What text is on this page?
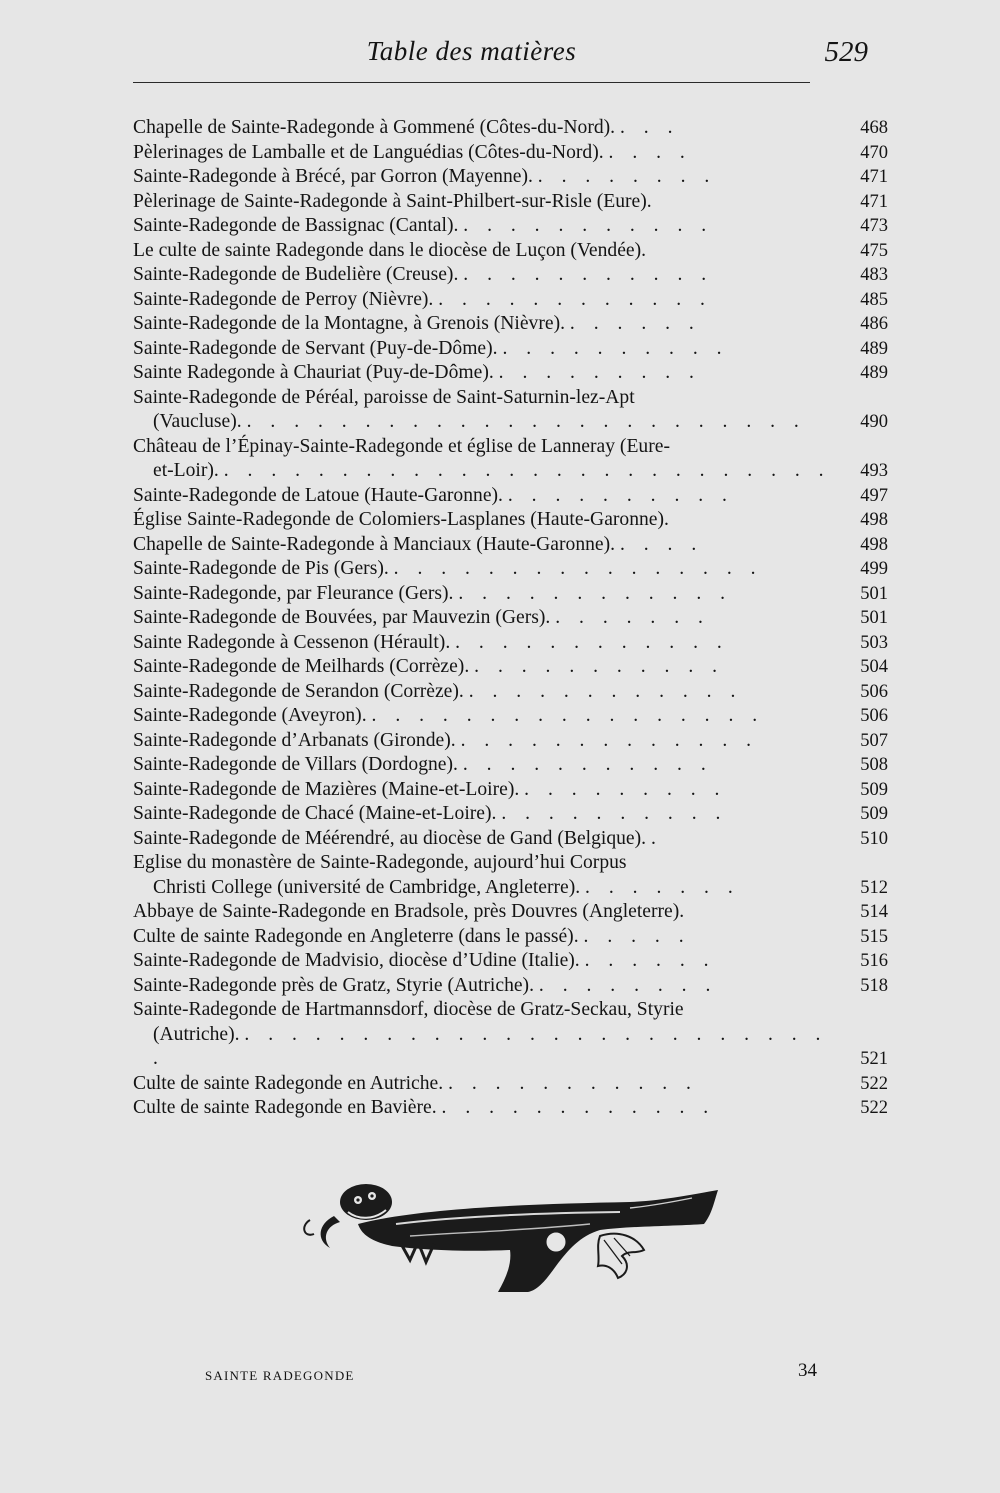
Table des matières	529
Chapelle de Sainte-Radegonde à Gommené (Côtes-du-Nord). . . .	468
Pèlerinages de Lamballe et de Languédias (Côtes-du-Nord). . . . .	470
Sainte-Radegonde à Brécé, par Gorron (Mayenne). . . . . . . . .	471
Pèlerinage de Sainte-Radegonde à Saint-Philbert-sur-Risle (Eure).	471
Sainte-Radegonde de Bassignac (Cantal). . . . . . . . . . . .	473
Le culte de sainte Radegonde dans le diocèse de Luçon (Vendée).	475
Sainte-Radegonde de Budelière (Creuse). . . . . . . . . . . .	483
Sainte-Radegonde de Perroy (Nièvre). . . . . . . . . . . . .	485
Sainte-Radegonde de la Montagne, à Grenois (Nièvre). . . . . . .	486
Sainte-Radegonde de Servant (Puy-de-Dôme). . . . . . . . . . .	489
Sainte Radegonde à Chauriat (Puy-de-Dôme). . . . . . . . . .	489
Sainte-Radegonde de Péréal, paroisse de Saint-Saturnin-lez-Apt
(Vaucluse). . . . . . . . . . . . . . . . . . . . . . . . .	490
Château de l’Épinay-Sainte-Radegonde et église de Lanneray (Eure-
et-Loir). . . . . . . . . . . . . . . . . . . . . . . . . . .	493
Sainte-Radegonde de Latoue (Haute-Garonne). . . . . . . . . . .	497
Église Sainte-Radegonde de Colomiers-Lasplanes (Haute-Garonne).	498
Chapelle de Sainte-Radegonde à Manciaux (Haute-Garonne). . . . .	498
Sainte-Radegonde de Pis (Gers). . . . . . . . . . . . . . . . .	499
Sainte-Radegonde, par Fleurance (Gers). . . . . . . . . . . . .	501
Sainte-Radegonde de Bouvées, par Mauvezin (Gers). . . . . . . .	501
Sainte Radegonde à Cessenon (Hérault). . . . . . . . . . . . .	503
Sainte-Radegonde de Meilhards (Corrèze). . . . . . . . . . . .	504
Sainte-Radegonde de Serandon (Corrèze). . . . . . . . . . . . .	506
Sainte-Radegonde (Aveyron). . . . . . . . . . . . . . . . . .	506
Sainte-Radegonde d’Arbanats (Gironde). . . . . . . . . . . . . .	507
Sainte-Radegonde de Villars (Dordogne). . . . . . . . . . . .	508
Sainte-Radegonde de Mazières (Maine-et-Loire). . . . . . . . . .	509
Sainte-Radegonde de Chacé (Maine-et-Loire). . . . . . . . . . .	509
Sainte-Radegonde de Méérendré, au diocèse de Gand (Belgique). .	510
Eglise du monastère de Sainte-Radegonde, aujourd’hui Corpus
Christi College (université de Cambridge, Angleterre). . . . . . . .	512
Abbaye de Sainte-Radegonde en Bradsole, près Douvres (Angleterre).	514
Culte de sainte Radegonde en Angleterre (dans le passé). . . . . .	515
Sainte-Radegonde de Madvisio, diocèse d’Udine (Italie). . . . . . .	516
Sainte-Radegonde près de Gratz, Styrie (Autriche). . . . . . . . .	518
Sainte-Radegonde de Hartmannsdorf, diocèse de Gratz-Seckau, Styrie
(Autriche). . . . . . . . . . . . . . . . . . . . . . . . . . .	521
Culte de sainte Radegonde en Autriche. . . . . . . . . . . .	522
Culte de sainte Radegonde en Bavière. . . . . . . . . . . . .	522
SAINTE RADEGONDE	34
